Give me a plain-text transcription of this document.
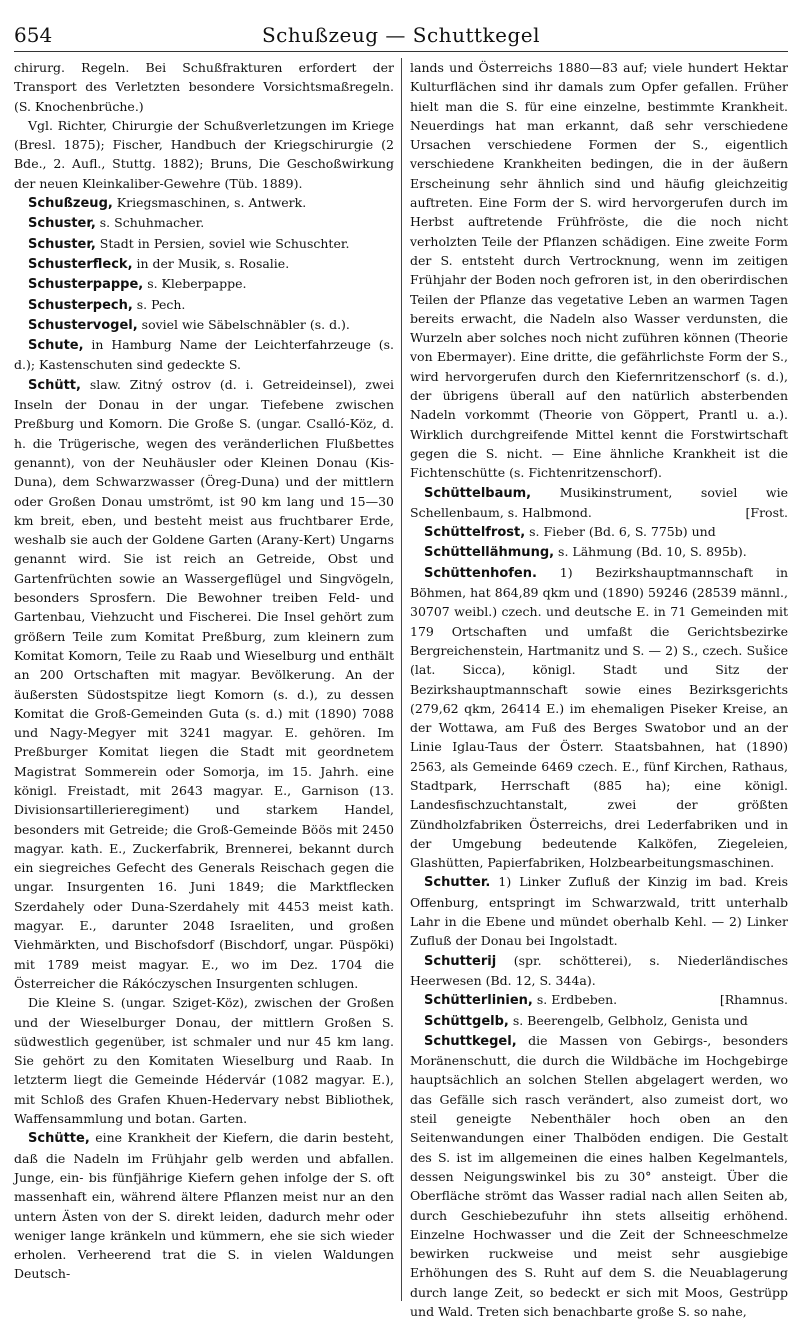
654	Schußzeug — Schuttkegel

chirurg. Regeln. Bei Schußfrakturen erfordert der Transport des Verletzten besondere Vorsichtsmaßregeln. (S. Knochenbrüche.)

Vgl. Richter, Chirurgie der Schußverletzungen im Kriege (Bresl. 1875); Fischer, Handbuch der Kriegschirurgie (2 Bde., 2. Aufl., Stuttg. 1882); Bruns, Die Geschoßwirkung der neuen Kleinkaliber-Gewehre (Tüb. 1889).

Schußzeug, Kriegsmaschinen, s. Antwerk.

Schuster, s. Schuhmacher.

Schuster, Stadt in Persien, soviel wie Schuschter.

Schusterfleck, in der Musik, s. Rosalie.

Schusterpappe, s. Kleberpappe.

Schusterpech, s. Pech.

Schustervogel, soviel wie Säbelschnäbler (s. d.).

Schute, in Hamburg Name der Leichterfahrzeuge (s. d.); Kastenschuten sind gedeckte S.

Schütt, slaw. Zitný ostrov (d. i. Getreideinsel), zwei Inseln der Donau in der ungar. Tiefebene zwischen Preßburg und Komorn. Die Große S. (ungar. Csalló-Köz, d. h. die Trügerische, wegen des veränderlichen Flußbettes genannt), von der Neuhäusler oder Kleinen Donau (Kis-Duna), dem Schwarzwasser (Öreg-Duna) und der mittlern oder Großen Donau umströmt, ist 90 km lang und 15—30 km breit, eben, und besteht meist aus fruchtbarer Erde, weshalb sie auch der Goldene Garten (Arany-Kert) Ungarns genannt wird. Sie ist reich an Getreide, Obst und Gartenfrüchten sowie an Wassergeflügel und Singvögeln, besonders Sprosfern. Die Bewohner treiben Feld- und Gartenbau, Viehzucht und Fischerei. Die Insel gehört zum größern Teile zum Komitat Preßburg, zum kleinern zum Komitat Komorn, Teile zu Raab und Wieselburg und enthält an 200 Ortschaften mit magyar. Bevölkerung. An der äußersten Südostspitze liegt Komorn (s. d.), zu dessen Komitat die Groß-Gemeinden Guta (s. d.) mit (1890) 7088 und Nagy-Megyer mit 3241 magyar. E. gehören. Im Preßburger Komitat liegen die Stadt mit geordnetem Magistrat Sommerein oder Somorja, im 15. Jahrh. eine königl. Freistadt, mit 2643 magyar. E., Garnison (13. Divisionsartillerieregiment) und starkem Handel, besonders mit Getreide; die Groß-Gemeinde Böös mit 2450 magyar. kath. E., Zuckerfabrik, Brennerei, bekannt durch ein siegreiches Gefecht des Generals Reischach gegen die ungar. Insurgenten 16. Juni 1849; die Marktflecken Szerdahely oder Duna-Szerdahely mit 4453 meist kath. magyar. E., darunter 2048 Israeliten, und großen Viehmärkten, und Bischofsdorf (Bischdorf, ungar. Püspöki) mit 1789 meist magyar. E., wo im Dez. 1704 die Österreicher die Rákóczyschen Insurgenten schlugen.

Die Kleine S. (ungar. Sziget-Köz), zwischen der Großen und der Wieselburger Donau, der mittlern Großen S. südwestlich gegenüber, ist schmaler und nur 45 km lang. Sie gehört zu den Komitaten Wieselburg und Raab. In letzterm liegt die Gemeinde Hédervár (1082 magyar. E.), mit Schloß des Grafen Khuen-Hedervary nebst Bibliothek, Waffensammlung und botan. Garten.

Schütte, eine Krankheit der Kiefern, die darin besteht, daß die Nadeln im Frühjahr gelb werden und abfallen. Junge, ein- bis fünfjährige Kiefern gehen infolge der S. oft massenhaft ein, während ältere Pflanzen meist nur an den untern Ästen von der S. direkt leiden, dadurch mehr oder weniger lange kränkeln und kümmern, ehe sie sich wieder erholen. Verheerend trat die S. in vielen Waldungen Deutsch-

lands und Österreichs 1880—83 auf; viele hundert Hektar Kulturflächen sind ihr damals zum Opfer gefallen. Früher hielt man die S. für eine einzelne, bestimmte Krankheit. Neuerdings hat man erkannt, daß sehr verschiedene Ursachen verschiedene Formen der S., eigentlich verschiedene Krankheiten bedingen, die in der äußern Erscheinung sehr ähnlich sind und häufig gleichzeitig auftreten. Eine Form der S. wird hervorgerufen durch im Herbst auftretende Frühfröste, die die noch nicht verholzten Teile der Pflanzen schädigen. Eine zweite Form der S. entsteht durch Vertrocknung, wenn im zeitigen Frühjahr der Boden noch gefroren ist, in den oberirdischen Teilen der Pflanze das vegetative Leben an warmen Tagen bereits erwacht, die Nadeln also Wasser verdunsten, die Wurzeln aber solches noch nicht zuführen können (Theorie von Ebermayer). Eine dritte, die gefährlichste Form der S., wird hervorgerufen durch den Kiefernritzenschorf (s. d.), der übrigens überall auf den natürlich absterbenden Nadeln vorkommt (Theorie von Göppert, Prantl u. a.). Wirklich durchgreifende Mittel kennt die Forstwirtschaft gegen die S. nicht. — Eine ähnliche Krankheit ist die Fichtenschütte (s. Fichtenritzenschorf).

Schüttelbaum, Musikinstrument, soviel wie Schellenbaum, s. Halbmond.	[Frost.

Schüttelfrost, s. Fieber (Bd. 6, S. 775b) und

Schüttellähmung, s. Lähmung (Bd. 10, S. 895b).

Schüttenhofen. 1) Bezirkshauptmannschaft in Böhmen, hat 864,89 qkm und (1890) 59246 (28539 männl., 30707 weibl.) czech. und deutsche E. in 71 Gemeinden mit 179 Ortschaften und umfaßt die Gerichtsbezirke Bergreichenstein, Hartmanitz und S. — 2) S., czech. Sušice (lat. Sicca), königl. Stadt und Sitz der Bezirkshauptmannschaft sowie eines Bezirksgerichts (279,62 qkm, 26414 E.) im ehemaligen Piseker Kreise, an der Wottawa, am Fuß des Berges Swatobor und an der Linie Iglau-Taus der Österr. Staatsbahnen, hat (1890) 2563, als Gemeinde 6469 czech. E., fünf Kirchen, Rathaus, Stadtpark, Herrschaft (885 ha); eine königl. Landesfischzuchtanstalt, zwei der größten Zündholzfabriken Österreichs, drei Lederfabriken und in der Umgebung bedeutende Kalköfen, Ziegeleien, Glashütten, Papierfabriken, Holzbearbeitungsmaschinen.

Schutter. 1) Linker Zufluß der Kinzig im bad. Kreis Offenburg, entspringt im Schwarzwald, tritt unterhalb Lahr in die Ebene und mündet oberhalb Kehl. — 2) Linker Zufluß der Donau bei Ingolstadt.

Schutterij (spr. schötterei), s. Niederländisches Heerwesen (Bd. 12, S. 344a).

Schütterlinien, s. Erdbeben.	[Rhamnus.

Schüttgelb, s. Beerengelb, Gelbholz, Genista und

Schuttkegel, die Massen von Gebirgs-, besonders Moränenschutt, die durch die Wildbäche im Hochgebirge hauptsächlich an solchen Stellen abgelagert werden, wo das Gefälle sich rasch verändert, also zumeist dort, wo steil geneigte Nebenthäler hoch oben an den Seitenwandungen einer Thalböden endigen. Die Gestalt des S. ist im allgemeinen die eines halben Kegelmantels, dessen Neigungswinkel bis zu 30° ansteigt. Über die Oberfläche strömt das Wasser radial nach allen Seiten ab, durch Geschiebezufuhr ihn stets allseitig erhöhend. Einzelne Hochwasser und die Zeit der Schneeschmelze bewirken ruckweise und meist sehr ausgiebige Erhöhungen des S. Ruht auf dem S. die Neuablagerung durch lange Zeit, so bedeckt er sich mit Moos, Gestrüpp und Wald. Treten sich benachbarte große S. so nahe,
